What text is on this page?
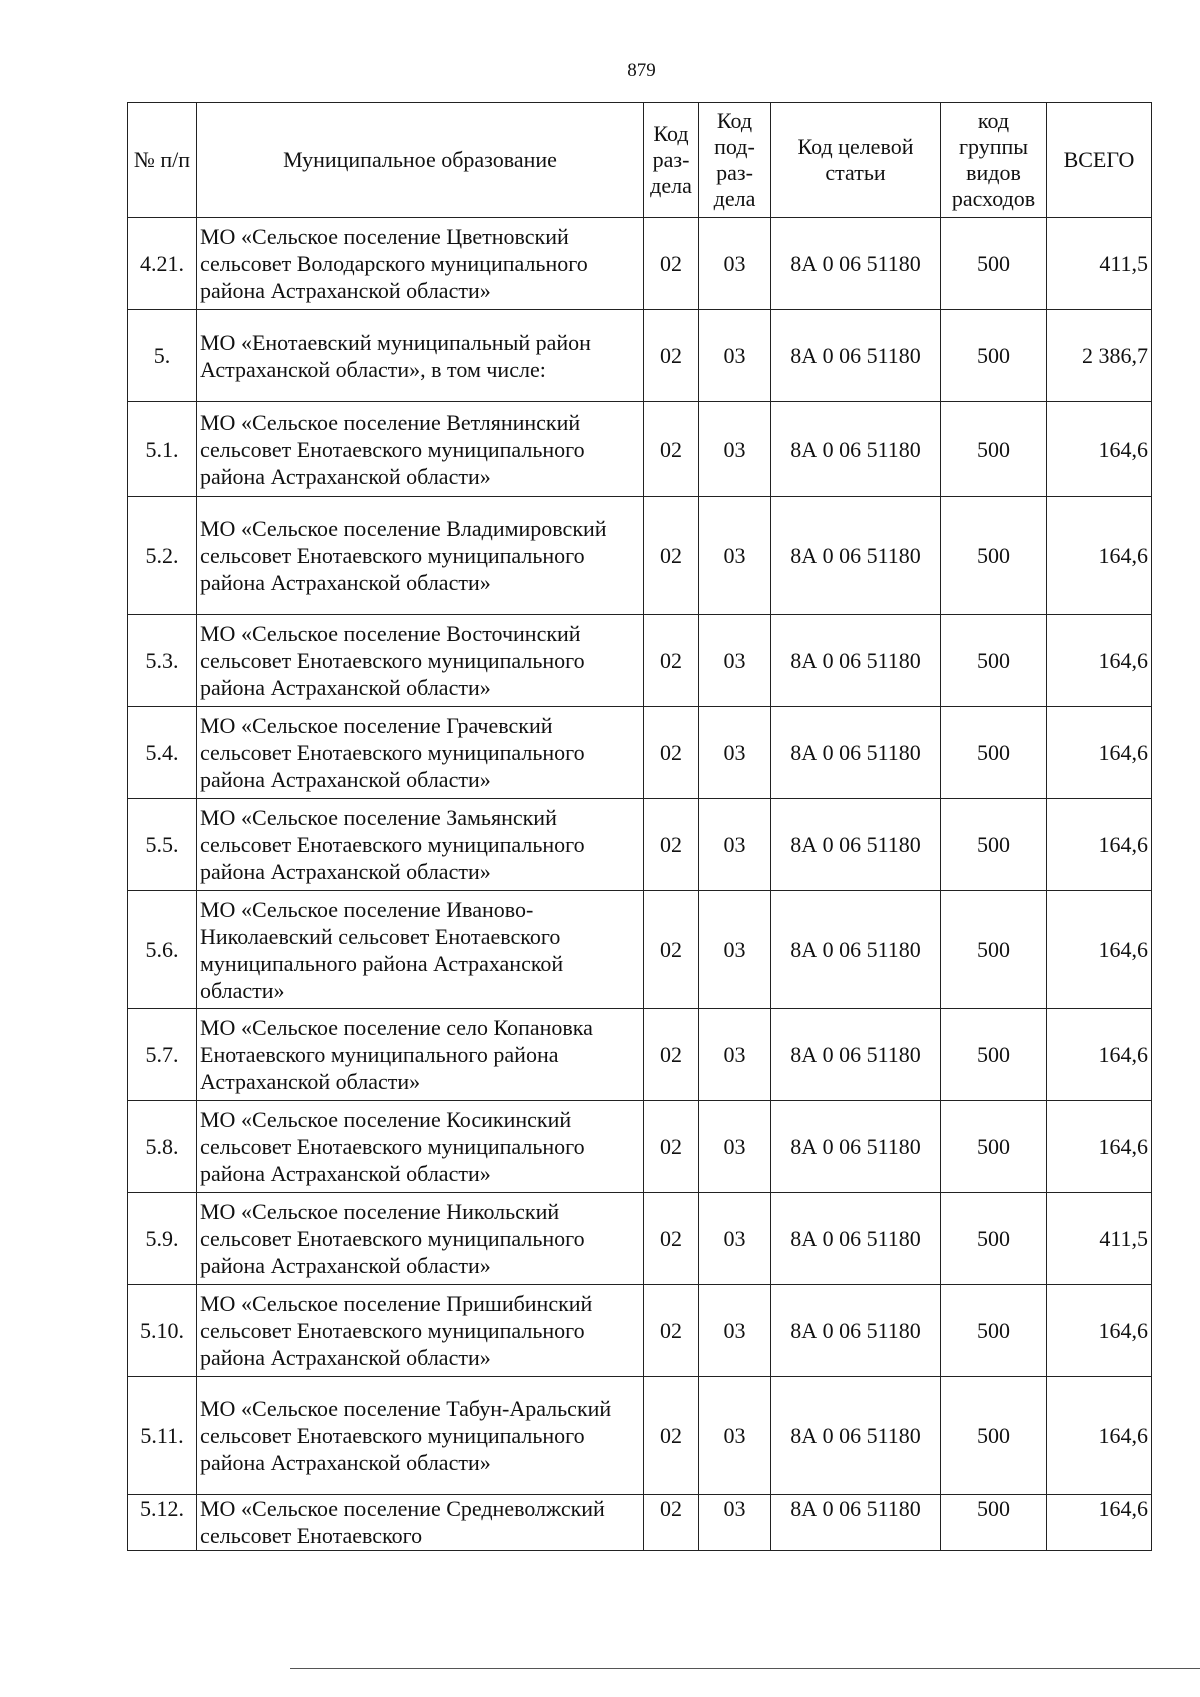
879
№ п/п	Муниципальное образование	Код раз-дела	Код под-раз-дела	Код целевой статьи	код группы видов расходов	ВСЕГО
4.21.	МО «Сельское поселение Цветновский сельсовет Володарского муниципального района Астраханской области»	02	03	8А 0 06 51180	500	411,5
5.	МО «Енотаевский муниципальный район Астраханской области», в том числе:	02	03	8А 0 06 51180	500	2 386,7
5.1.	МО «Сельское поселение Ветлянинский сельсовет Енотаевского муниципального района Астраханской области»	02	03	8А 0 06 51180	500	164,6
5.2.	МО «Сельское поселение Владимировский сельсовет Енотаевского муниципального района Астраханской области»	02	03	8А 0 06 51180	500	164,6
5.3.	МО «Сельское поселение Восточинский сельсовет Енотаевского муниципального района Астраханской области»	02	03	8А 0 06 51180	500	164,6
5.4.	МО «Сельское поселение Грачевский сельсовет Енотаевского муниципального района Астраханской области»	02	03	8А 0 06 51180	500	164,6
5.5.	МО «Сельское поселение Замьянский сельсовет Енотаевского муниципального района Астраханской области»	02	03	8А 0 06 51180	500	164,6
5.6.	МО «Сельское поселение Иваново-Николаевский сельсовет Енотаевского муниципального района Астраханской области»	02	03	8А 0 06 51180	500	164,6
5.7.	МО «Сельское поселение село Копановка Енотаевского муниципального района Астраханской области»	02	03	8А 0 06 51180	500	164,6
5.8.	МО «Сельское поселение Косикинский сельсовет Енотаевского муниципального района Астраханской области»	02	03	8А 0 06 51180	500	164,6
5.9.	МО «Сельское поселение Никольский сельсовет Енотаевского муниципального района Астраханской области»	02	03	8А 0 06 51180	500	411,5
5.10.	МО «Сельское поселение Пришибинский сельсовет Енотаевского муниципального района Астраханской области»	02	03	8А 0 06 51180	500	164,6
5.11.	МО «Сельское поселение Табун-Аральский сельсовет Енотаевского муниципального района Астраханской области»	02	03	8А 0 06 51180	500	164,6
5.12.	МО «Сельское поселение Средневолжский сельсовет Енотаевского	02	03	8А 0 06 51180	500	164,6
